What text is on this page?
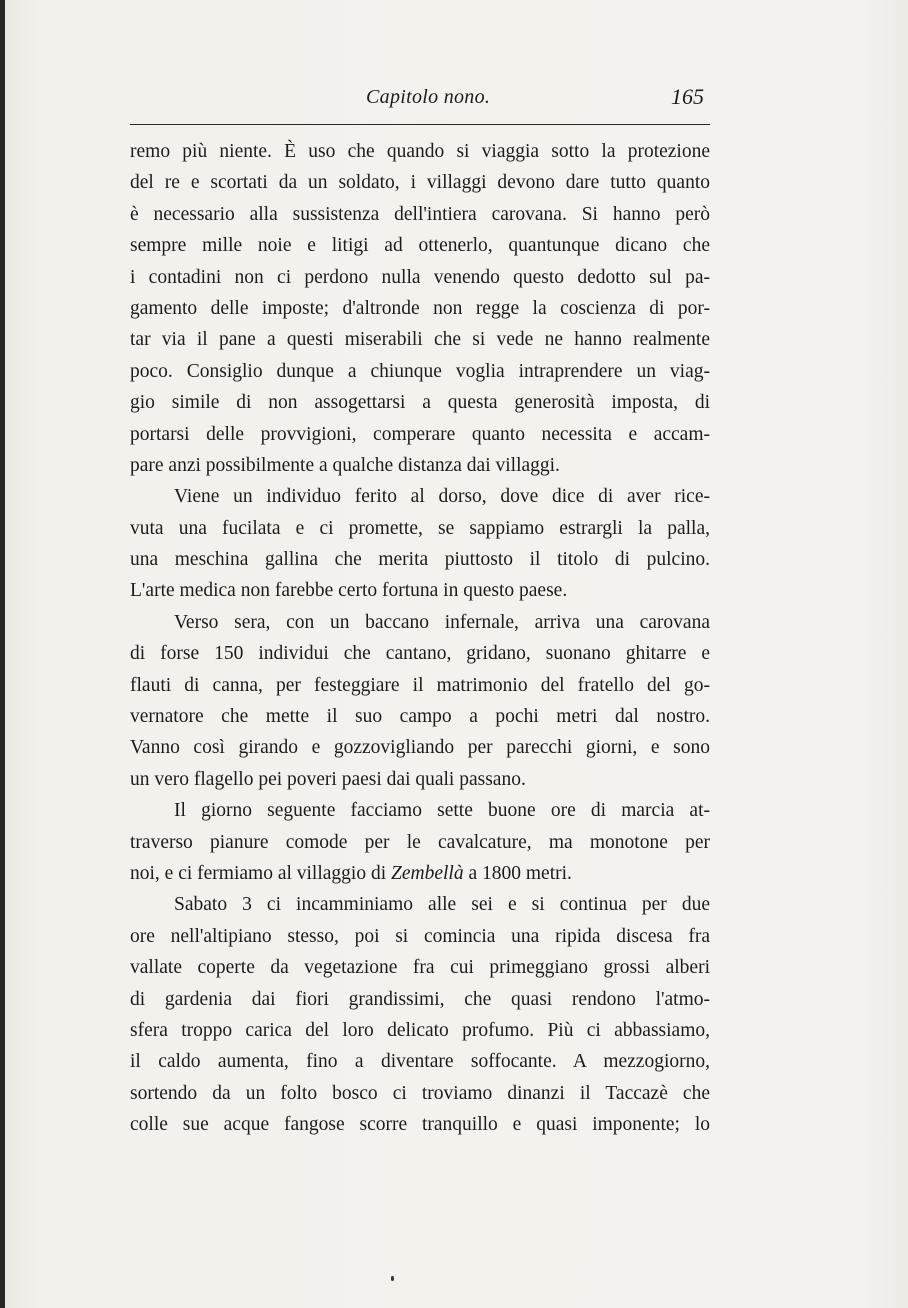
Capitolo nono.	165
remo più niente. È uso che quando si viaggia sotto la protezione
del re e scortati da un soldato, i villaggi devono dare tutto quanto
è necessario alla sussistenza dell'intiera carovana. Si hanno però
sempre mille noie e litigi ad ottenerlo, quantunque dicano che
i contadini non ci perdono nulla venendo questo dedotto sul pa-
gamento delle imposte; d'altronde non regge la coscienza di por-
tar via il pane a questi miserabili che si vede ne hanno realmente
poco. Consiglio dunque a chiunque voglia intraprendere un viag-
gio simile di non assogettarsi a questa generosità imposta, di
portarsi delle provvigioni, comperare quanto necessita e accam-
pare anzi possibilmente a qualche distanza dai villaggi.
Viene un individuo ferito al dorso, dove dice di aver rice-
vuta una fucilata e ci promette, se sappiamo estrargli la palla,
una meschina gallina che merita piuttosto il titolo di pulcino.
L'arte medica non farebbe certo fortuna in questo paese.
Verso sera, con un baccano infernale, arriva una carovana
di forse 150 individui che cantano, gridano, suonano ghitarre e
flauti di canna, per festeggiare il matrimonio del fratello del go-
vernatore che mette il suo campo a pochi metri dal nostro.
Vanno così girando e gozzovigliando per parecchi giorni, e sono
un vero flagello pei poveri paesi dai quali passano.
Il giorno seguente facciamo sette buone ore di marcia at-
traverso pianure comode per le cavalcature, ma monotone per
noi, e ci fermiamo al villaggio di Zembellà a 1800 metri.
Sabato 3 ci incamminiamo alle sei e si continua per due
ore nell'altipiano stesso, poi si comincia una ripida discesa fra
vallate coperte da vegetazione fra cui primeggiano grossi alberi
di gardenia dai fiori grandissimi, che quasi rendono l'atmo-
sfera troppo carica del loro delicato profumo. Più ci abbassiamo,
il caldo aumenta, fino a diventare soffocante. A mezzogiorno,
sortendo da un folto bosco ci troviamo dinanzi il Taccazè che
colle sue acque fangose scorre tranquillo e quasi imponente; lo
